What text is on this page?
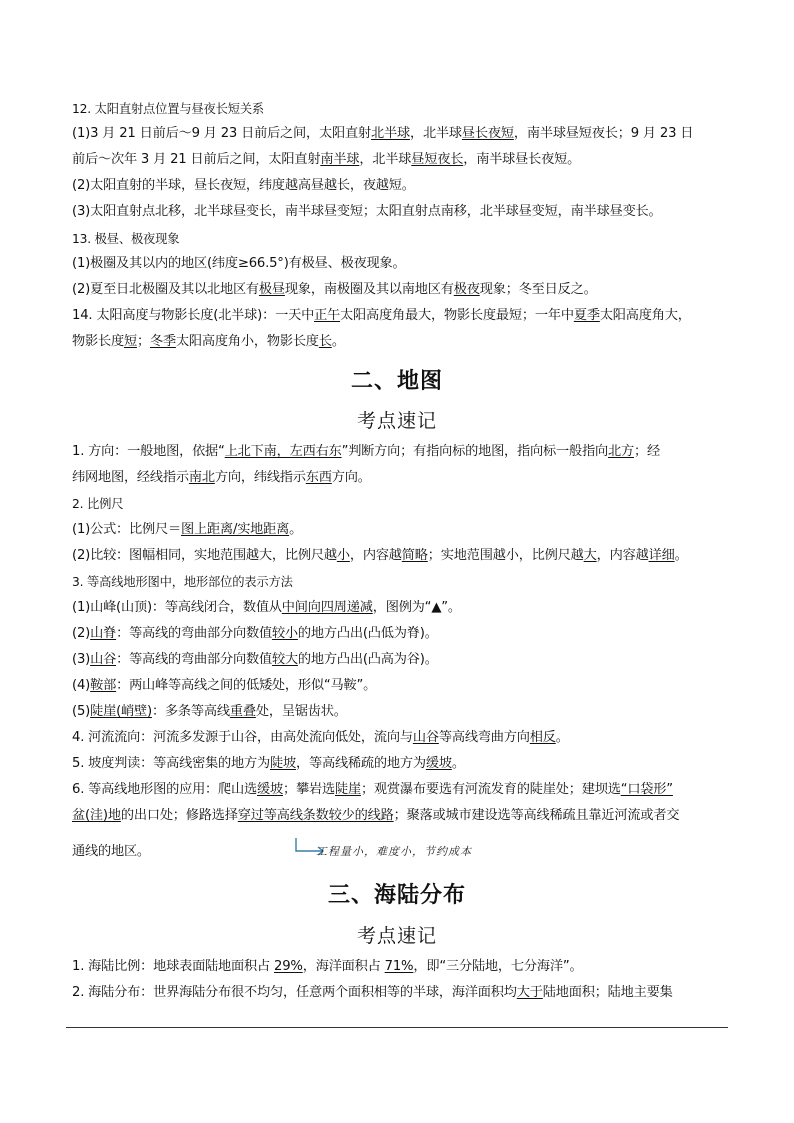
12. 太阳直射点位置与昼夜长短关系
(1)3 月 21 日前后～9 月 23 日前后之间，太阳直射北半球，北半球昼长夜短，南半球昼短夜长；9 月 23 日
前后～次年 3 月 21 日前后之间，太阳直射南半球，北半球昼短夜长，南半球昼长夜短。
(2)太阳直射的半球，昼长夜短，纬度越高昼越长，夜越短。
(3)太阳直射点北移，北半球昼变长，南半球昼变短；太阳直射点南移，北半球昼变短，南半球昼变长。
13. 极昼、极夜现象
(1)极圈及其以内的地区(纬度≥66.5°)有极昼、极夜现象。
(2)夏至日北极圈及其以北地区有极昼现象，南极圈及其以南地区有极夜现象；冬至日反之。
14. 太阳高度与物影长度(北半球)：一天中正午太阳高度角最大，物影长度最短；一年中夏季太阳高度角大，
物影长度短；冬季太阳高度角小，物影长度长。
二、地图
考点速记
1. 方向：一般地图，依据“上北下南，左西右东”判断方向；有指向标的地图，指向标一般指向北方；经
纬网地图，经线指示南北方向，纬线指示东西方向。
2. 比例尺
(1)公式：比例尺＝图上距离/实地距离。
(2)比较：图幅相同，实地范围越大，比例尺越小，内容越简略；实地范围越小，比例尺越大，内容越详细。
3. 等高线地形图中，地形部位的表示方法
(1)山峰(山顶)：等高线闭合，数值从中间向四周递减，图例为“▲”。
(2)山脊：等高线的弯曲部分向数值较小的地方凸出(凸低为脊)。
(3)山谷：等高线的弯曲部分向数值较大的地方凸出(凸高为谷)。
(4)鞍部：两山峰等高线之间的低矮处，形似“马鞍”。
(5)陡崖(峭壁)：多条等高线重叠处，呈锯齿状。
4. 河流流向：河流多发源于山谷，由高处流向低处，流向与山谷等高线弯曲方向相反。
5. 坡度判读：等高线密集的地方为陡坡，等高线稀疏的地方为缓坡。
6. 等高线地形图的应用：爬山选缓坡；攀岩选陡崖；观赏瀑布要选有河流发育的陡崖处；建坝选“口袋形”
盆(洼)地的出口处；修路选择穿过等高线条数较少的线路；聚落或城市建设选等高线稀疏且靠近河流或者交
通线的地区。	工程量小，难度小，节约成本
三、海陆分布
考点速记
1. 海陆比例：地球表面陆地面积占 29%，海洋面积占 71%，即“三分陆地，七分海洋”。
2. 海陆分布：世界海陆分布很不均匀，任意两个面积相等的半球，海洋面积均大于陆地面积；陆地主要集
